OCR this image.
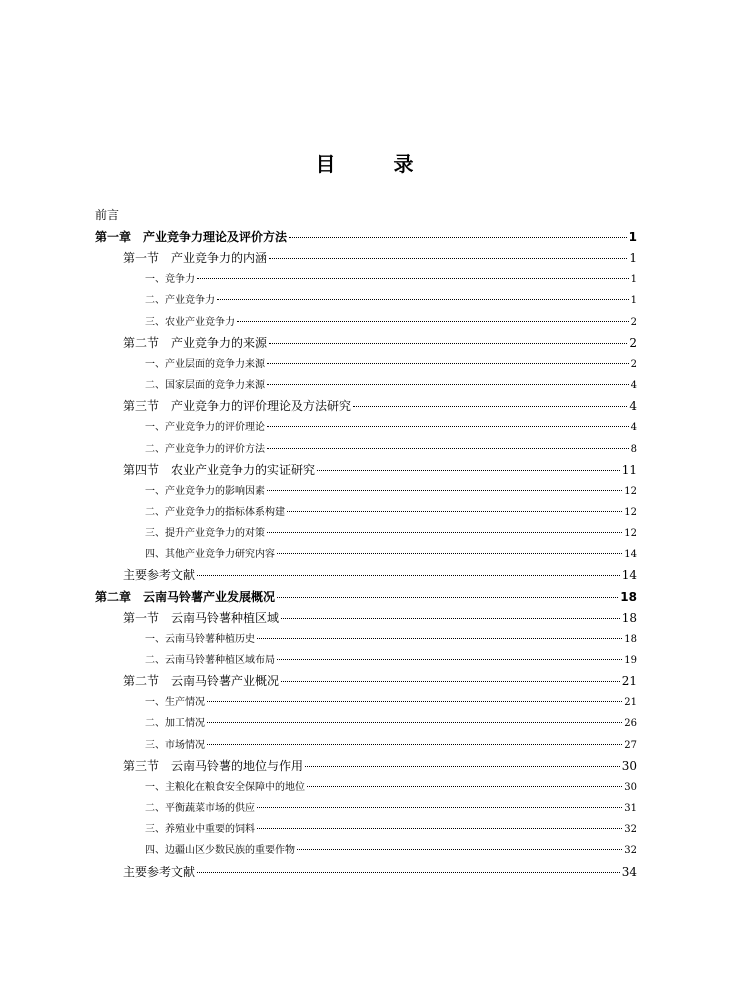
目	录
前言
第一章　产业竞争力理论及评价方法	1
第一节　产业竞争力的内涵	1
一、竞争力	1
二、产业竞争力	1
三、农业产业竞争力	2
第二节　产业竞争力的来源	2
一、产业层面的竞争力来源	2
二、国家层面的竞争力来源	4
第三节　产业竞争力的评价理论及方法研究	4
一、产业竞争力的评价理论	4
二、产业竞争力的评价方法	8
第四节　农业产业竞争力的实证研究	11
一、产业竞争力的影响因素	12
二、产业竞争力的指标体系构建	12
三、提升产业竞争力的对策	12
四、其他产业竞争力研究内容	14
主要参考文献	14
第二章　云南马铃薯产业发展概况	18
第一节　云南马铃薯种植区域	18
一、云南马铃薯种植历史	18
二、云南马铃薯种植区域布局	19
第二节　云南马铃薯产业概况	21
一、生产情况	21
二、加工情况	26
三、市场情况	27
第三节　云南马铃薯的地位与作用	30
一、主粮化在粮食安全保障中的地位	30
二、平衡蔬菜市场的供应	31
三、养殖业中重要的饲料	32
四、边疆山区少数民族的重要作物	32
主要参考文献	34
